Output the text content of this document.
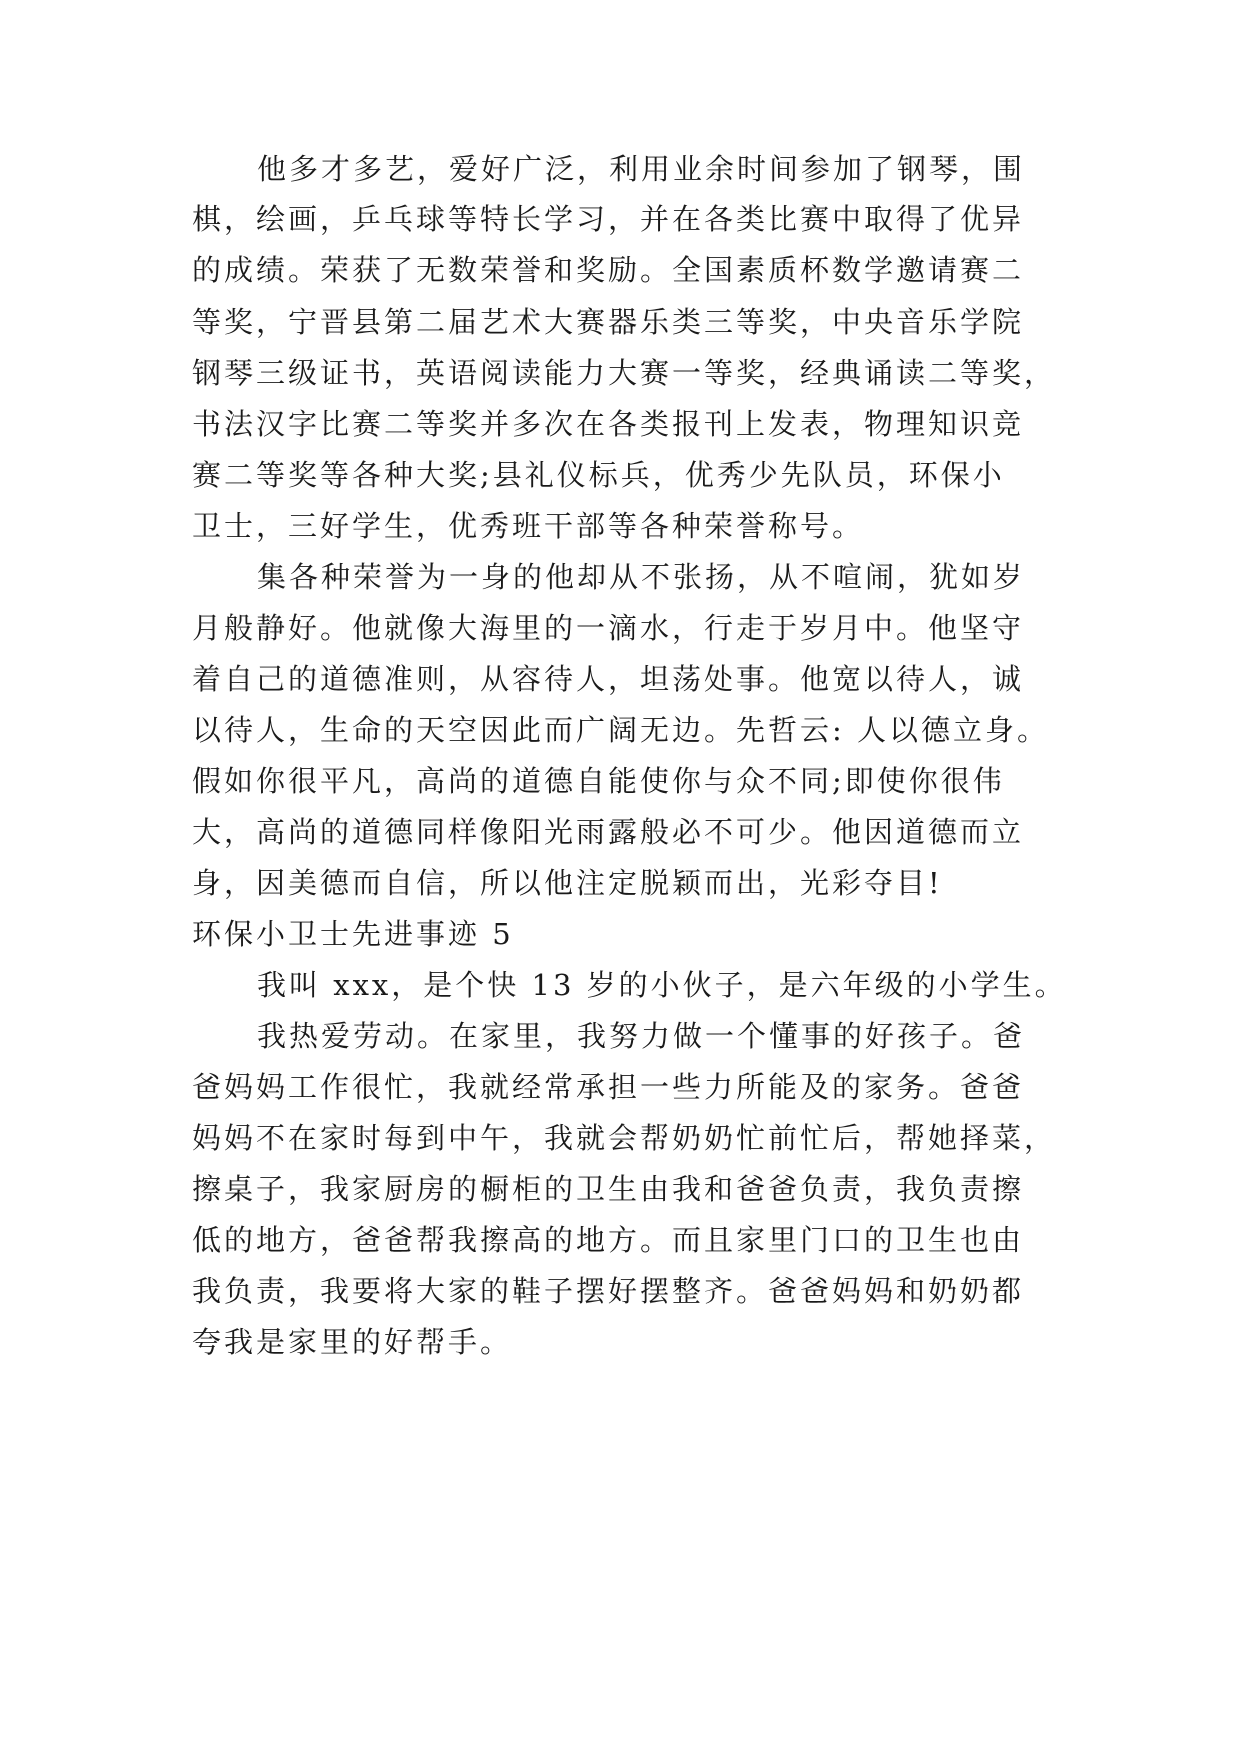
他多才多艺，爱好广泛，利用业余时间参加了钢琴，围
棋，绘画，乒乓球等特长学习，并在各类比赛中取得了优异
的成绩。荣获了无数荣誉和奖励。全国素质杯数学邀请赛二
等奖，宁晋县第二届艺术大赛器乐类三等奖，中央音乐学院
钢琴三级证书，英语阅读能力大赛一等奖，经典诵读二等奖，
书法汉字比赛二等奖并多次在各类报刊上发表，物理知识竞
赛二等奖等各种大奖;县礼仪标兵，优秀少先队员，环保小
卫士，三好学生，优秀班干部等各种荣誉称号。
集各种荣誉为一身的他却从不张扬，从不喧闹，犹如岁
月般静好。他就像大海里的一滴水，行走于岁月中。他坚守
着自己的道德准则，从容待人，坦荡处事。他宽以待人，诚
以待人，生命的天空因此而广阔无边。先哲云: 人以德立身。
假如你很平凡，高尚的道德自能使你与众不同;即使你很伟
大，高尚的道德同样像阳光雨露般必不可少。他因道德而立
身，因美德而自信，所以他注定脱颖而出，光彩夺目!
环保小卫士先进事迹 5
我叫 xxx，是个快 13 岁的小伙子，是六年级的小学生。
我热爱劳动。在家里，我努力做一个懂事的好孩子。爸
爸妈妈工作很忙，我就经常承担一些力所能及的家务。爸爸
妈妈不在家时每到中午，我就会帮奶奶忙前忙后，帮她择菜，
擦桌子，我家厨房的橱柜的卫生由我和爸爸负责，我负责擦
低的地方，爸爸帮我擦高的地方。而且家里门口的卫生也由
我负责，我要将大家的鞋子摆好摆整齐。爸爸妈妈和奶奶都
夸我是家里的好帮手。
